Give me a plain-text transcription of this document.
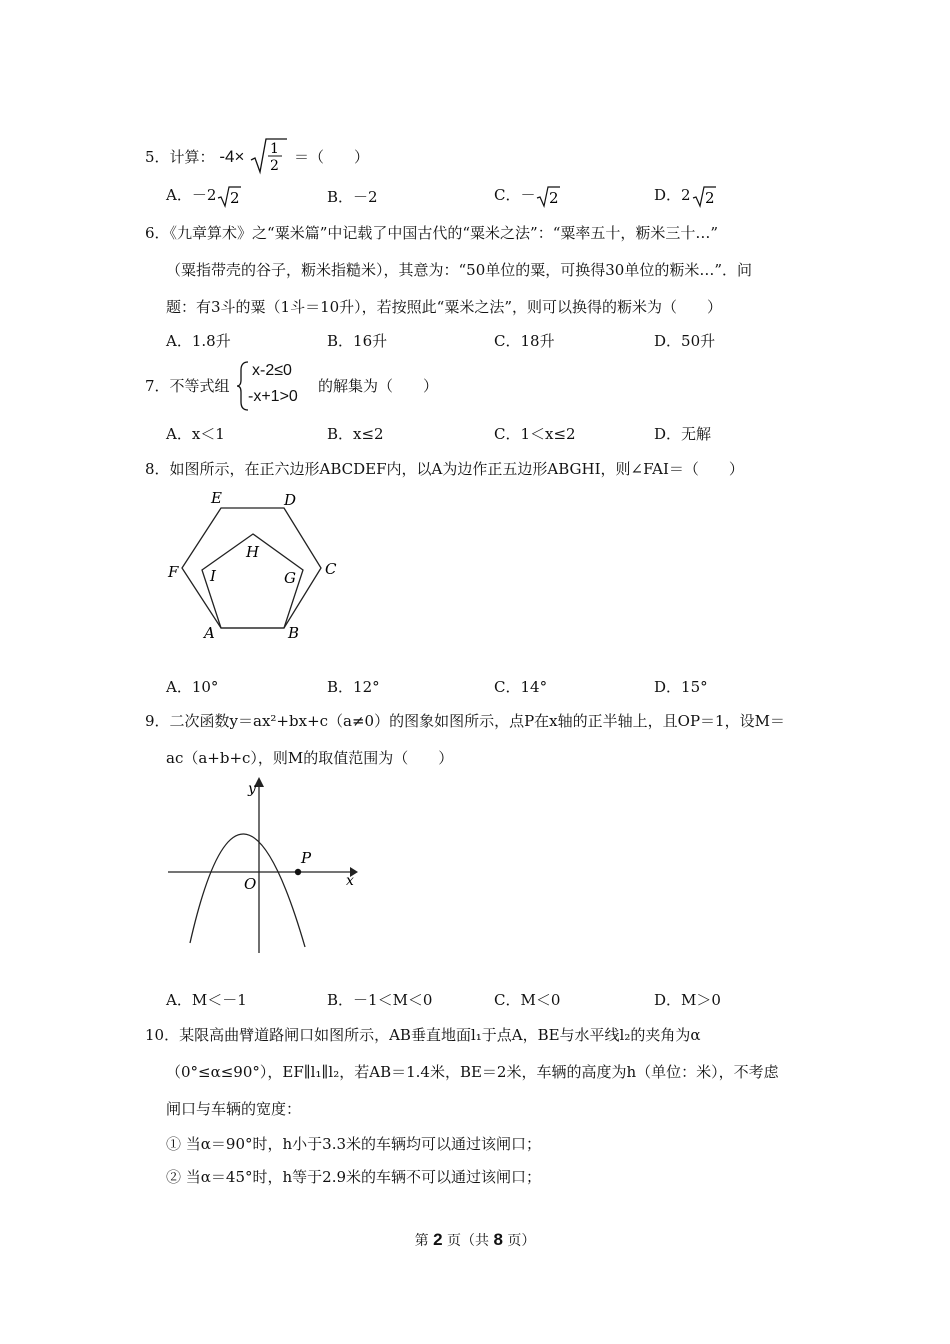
5．计算： -4× 1
2 ＝（　　）
A．－2 2	B．－2	C．－ 2	D．2 2
6．《九章算术》之“粟米篇”中记载了中国古代的“粟米之法”：“粟率五十，粝米三十…”
（粟指带壳的谷子，粝米指糙米），其意为：“50单位的粟，可换得30单位的粝米…”．问
题：有3斗的粟（1斗＝10升），若按照此“粟米之法”，则可以换得的粝米为（　　）
A．1.8升	B．16升	C．18升	D．50升
7．不等式组
x-2≤0
-x+1>0
的解集为（　　）
A．x＜1	B．x≤2	C．1＜x≤2	D．无解
8．如图所示，在正六边形ABCDEF内，以A为边作正五边形ABGHI，则∠FAI＝（　　）
E	D
F	C
A	B
H
I	G
A．10°	B．12°	C．14°	D．15°
9．二次函数y＝ax²+bx+c（a≠0）的图象如图所示，点P在x轴的正半轴上，且OP＝1，设M＝
ac（a+b+c），则M的取值范围为（　　）
y
x
O
P
A．M＜－1	B．－1＜M＜0	C．M＜0	D．M＞0
10．某限高曲臂道路闸口如图所示，AB垂直地面l₁于点A，BE与水平线l₂的夹角为α
（0°≤α≤90°），EF∥l₁∥l₂，若AB＝1.4米，BE＝2米，车辆的高度为h（单位：米），不考虑
闸口与车辆的宽度：
① 当α＝90°时，h小于3.3米的车辆均可以通过该闸口；
② 当α＝45°时，h等于2.9米的车辆不可以通过该闸口；
第 2 页（共 8 页）
